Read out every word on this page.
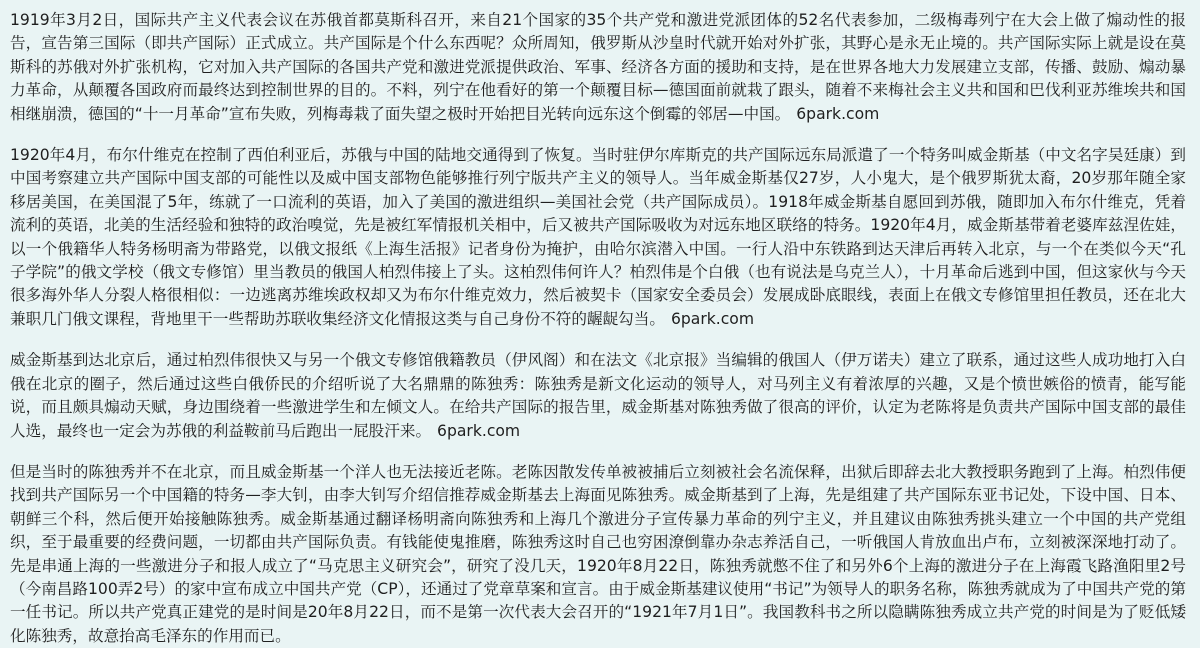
1919年3月2日，国际共产主义代表会议在苏俄首都莫斯科召开，来自21个国家的35个共产党和激进党派团体的52名代表参加，二级梅毒列宁在大会上做了煽动性的报告，宣告第三国际（即共产国际）正式成立。共产国际是个什么东西呢？众所周知，俄罗斯从沙皇时代就开始对外扩张，其野心是永无止境的。共产国际实际上就是设在莫斯科的苏俄对外扩张机构，它对加入共产国际的各国共产党和激进党派提供政治、军事、经济各方面的援助和支持，是在世界各地大力发展建立支部，传播、鼓励、煽动暴力革命，从颠覆各国政府而最终达到控制世界的目的。不料，列宁在他看好的第一个颠覆目标—德国面前就栽了跟头，随着不来梅社会主义共和国和巴伐利亚苏维埃共和国相继崩溃，德国的“十一月革命”宣布失败，列梅毒栽了面失望之极时开始把目光转向远东这个倒霉的邻居—中国。 6park.com

1920年4月，布尔什维克在控制了西伯利亚后，苏俄与中国的陆地交通得到了恢复。当时驻伊尔库斯克的共产国际远东局派遣了一个特务叫威金斯基（中文名字吴廷康）到中国考察建立共产国际中国支部的可能性以及威中国支部物色能够推行列宁版共产主义的领导人。当年威金斯基仅27岁，人小鬼大，是个俄罗斯犹太裔，20岁那年随全家移居美国，在美国混了5年，练就了一口流利的英语，加入了美国的激进组织—美国社会党（共产国际成员）。1918年威金斯基自愿回到苏俄，随即加入布尔什维克，凭着流利的英语，北美的生活经验和独特的政治嗅觉，先是被红军情报机关相中，后又被共产国际吸收为对远东地区联络的特务。1920年4月，威金斯基带着老婆库兹涅佐娃，以一个俄籍华人特务杨明斋为带路党，以俄文报纸《上海生活报》记者身份为掩护，由哈尔滨潜入中国。一行人沿中东铁路到达天津后再转入北京，与一个在类似今天“孔子学院”的俄文学校（俄文专修馆）里当教员的俄国人柏烈伟接上了头。这柏烈伟何许人？柏烈伟是个白俄（也有说法是乌克兰人），十月革命后逃到中国，但这家伙与今天很多海外华人分裂人格很相似：一边逃离苏维埃政权却又为布尔什维克效力，然后被契卡（国家安全委员会）发展成卧底眼线，表面上在俄文专修馆里担任教员，还在北大兼职几门俄文课程，背地里干一些帮助苏联收集经济文化情报这类与自己身份不符的龌龊勾当。 6park.com

威金斯基到达北京后，通过柏烈伟很快又与另一个俄文专修馆俄籍教员（伊风阁）和在法文《北京报》当编辑的俄国人（伊万诺夫）建立了联系，通过这些人成功地打入白俄在北京的圈子，然后通过这些白俄侨民的介绍听说了大名鼎鼎的陈独秀：陈独秀是新文化运动的领导人，对马列主义有着浓厚的兴趣，又是个愤世嫉俗的愤青，能写能说，而且颇具煽动天赋，身边围绕着一些激进学生和左倾文人。在给共产国际的报告里，威金斯基对陈独秀做了很高的评价，认定为老陈将是负责共产国际中国支部的最佳人选，最终也一定会为苏俄的利益鞍前马后跑出一屁股汗来。 6park.com

但是当时的陈独秀并不在北京，而且威金斯基一个洋人也无法接近老陈。老陈因散发传单被被捕后立刻被社会名流保释，出狱后即辞去北大教授职务跑到了上海。柏烈伟便找到共产国际另一个中国籍的特务—李大钊，由李大钊写介绍信推荐威金斯基去上海面见陈独秀。威金斯基到了上海，先是组建了共产国际东亚书记处，下设中国、日本、朝鲜三个科，然后便开始接触陈独秀。威金斯基通过翻译杨明斋向陈独秀和上海几个激进分子宣传暴力革命的列宁主义，并且建议由陈独秀挑头建立一个中国的共产党组织，至于最重要的经费问题，一切都由共产国际负责。有钱能使鬼推磨，陈独秀这时自己也穷困潦倒靠办杂志养活自己，一听俄国人肯放血出卢布，立刻被深深地打动了。先是串通上海的一些激进分子和报人成立了“马克思主义研究会”，研究了没几天，1920年8月22日，陈独秀就憋不住了和另外6个上海的激进分子在上海霞飞路渔阳里2号（今南昌路100弄2号）的家中宣布成立中国共产党（CP），还通过了党章草案和宣言。由于威金斯基建议使用“书记”为领导人的职务名称，陈独秀就成为了中国共产党的第一任书记。所以共产党真正建党的是时间是20年8月22日，而不是第一次代表大会召开的“1921年7月1日”。我国教科书之所以隐瞒陈独秀成立共产党的时间是为了贬低矮化陈独秀，故意抬高毛泽东的作用而已。
